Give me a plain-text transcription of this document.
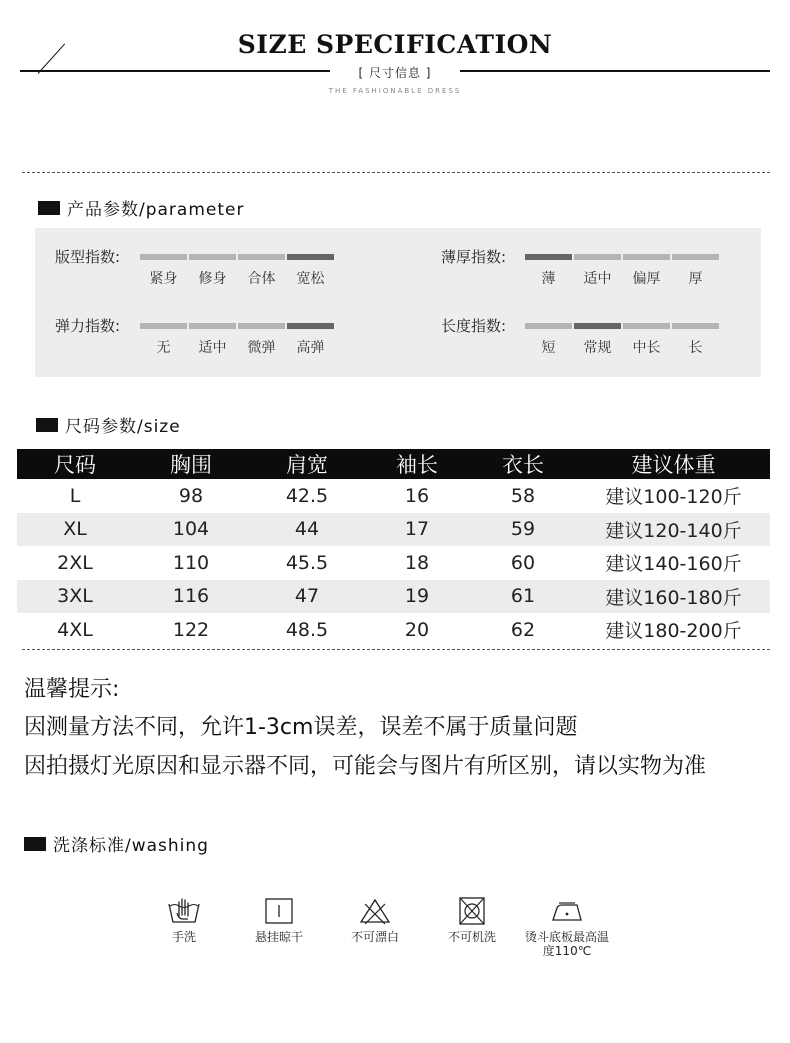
SIZE SPECIFICATION
[ 尺寸信息 ]
THE FASHIONABLE DRESS
产品参数/parameter
版型指数:
紧身	修身	合体	宽松
薄厚指数:
薄	适中	偏厚	厚
弹力指数:
无	适中	微弹	高弹
长度指数:
短	常规	中长	长
尺码参数/size
尺码	胸围	肩宽	袖长	衣长	建议体重
L	98	42.5	16	58	建议100-120斤
XL	104	44	17	59	建议120-140斤
2XL	110	45.5	18	60	建议140-160斤
3XL	116	47	19	61	建议160-180斤
4XL	122	48.5	20	62	建议180-200斤
温馨提示:
因测量方法不同，允许1-3cm误差，误差不属于质量问题
因拍摄灯光原因和显示器不同，可能会与图片有所区别，请以实物为准
洗涤标准/washing
手洗	悬挂晾干	不可漂白	不可机洗	烫斗底板最高温度110℃
